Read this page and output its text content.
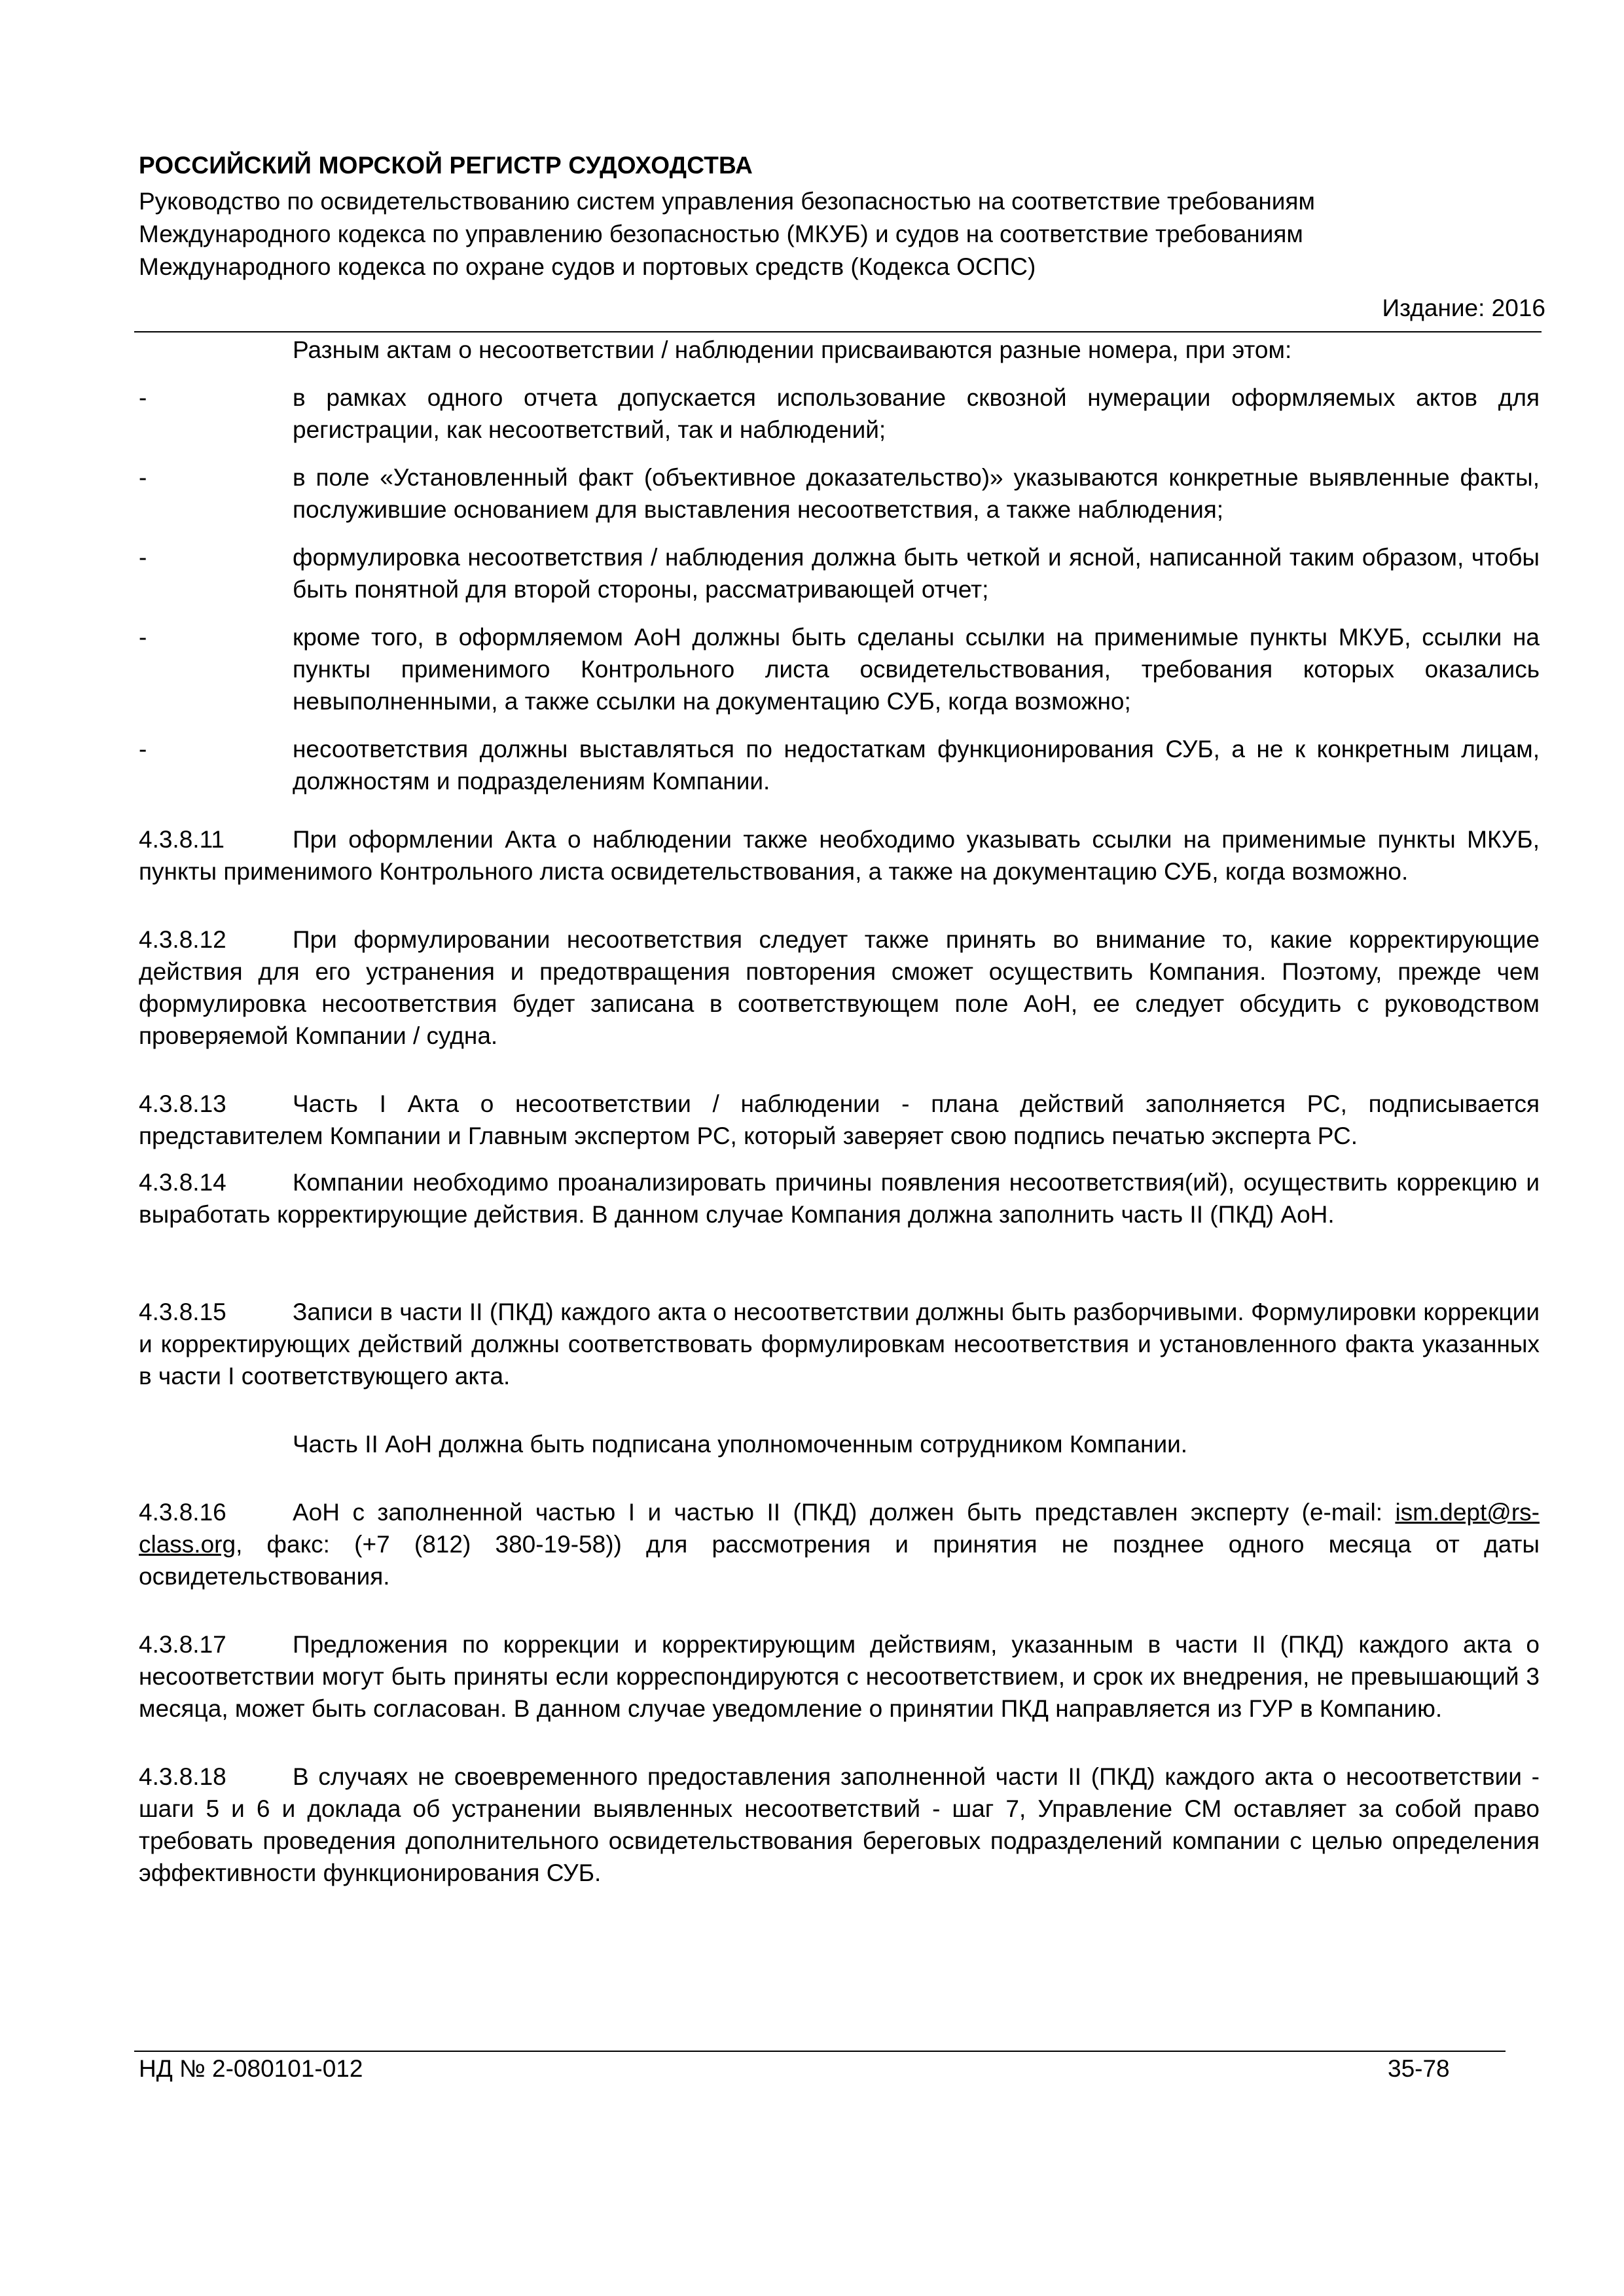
РОССИЙСКИЙ МОРСКОЙ РЕГИСТР СУДОХОДСТВА
Руководство по освидетельствованию систем управления безопасностью на соответствие требованиям
Международного кодекса по управлению безопасностью (МКУБ) и судов на соответствие требованиям
Международного кодекса по охране судов и портовых средств (Кодекса ОСПС)
Издание: 2016
Разным актам о несоответствии / наблюдении присваиваются разные номера, при этом:
-	в рамках одного отчета допускается использование сквозной нумерации оформляемых актов для регистрации, как несоответствий, так и наблюдений;
-	в поле «Установленный факт (объективное доказательство)» указываются конкретные выявленные факты, послужившие основанием для выставления несоответствия, а также наблюдения;
-	формулировка несоответствия / наблюдения должна быть четкой и ясной, написанной таким образом, чтобы быть понятной для второй стороны, рассматривающей отчет;
-	кроме того, в оформляемом АоН должны быть сделаны ссылки на применимые пункты МКУБ, ссылки на пункты применимого Контрольного листа освидетельствования, требования которых оказались невыполненными, а также ссылки на документацию СУБ, когда возможно;
-	несоответствия должны выставляться по недостаткам функционирования СУБ, а не к конкретным лицам, должностям и подразделениям Компании.
4.3.8.11	При оформлении Акта о наблюдении также необходимо указывать ссылки на применимые пункты МКУБ, пункты применимого Контрольного листа освидетельствования, а также на документацию СУБ, когда возможно.
4.3.8.12	При формулировании несоответствия следует также принять во внимание то, какие корректирующие действия для его устранения и предотвращения повторения сможет осуществить Компания. Поэтому, прежде чем формулировка несоответствия будет записана в соответствующем поле АоН, ее следует обсудить с руководством проверяемой Компании / судна.
4.3.8.13	Часть I Акта о несоответствии / наблюдении - плана действий заполняется РС, подписывается представителем Компании и Главным экспертом РС, который заверяет свою подпись печатью эксперта РС.
4.3.8.14	Компании необходимо проанализировать причины появления несоответствия(ий), осуществить коррекцию и выработать корректирующие действия. В данном случае Компания должна заполнить часть II (ПКД) АоН.
4.3.8.15	Записи в части II (ПКД) каждого акта о несоответствии должны быть разборчивыми. Формулировки коррекции и корректирующих действий должны соответствовать формулировкам несоответствия и установленного факта указанных в части I соответствующего акта.
Часть II АоН должна быть подписана уполномоченным сотрудником Компании.
4.3.8.16	АоН с заполненной частью I и частью II (ПКД) должен быть представлен эксперту (e-mail: ism.dept@rs-class.org, факс: (+7 (812) 380-19-58)) для рассмотрения и принятия не позднее одного месяца от даты освидетельствования.
4.3.8.17	Предложения по коррекции и корректирующим действиям, указанным в части II (ПКД) каждого акта о несоответствии могут быть приняты если корреспондируются с несоответствием, и срок их внедрения, не превышающий 3 месяца, может быть согласован. В данном случае уведомление о принятии ПКД направляется из ГУР в Компанию.
4.3.8.18	В случаях не своевременного предоставления заполненной части II (ПКД) каждого акта о несоответствии - шаги 5 и 6 и доклада об устранении выявленных несоответствий - шаг 7, Управление СМ оставляет за собой право требовать проведения дополнительного освидетельствования береговых подразделений компании с целью определения эффективности функционирования СУБ.
НД № 2-080101-012	35-78
